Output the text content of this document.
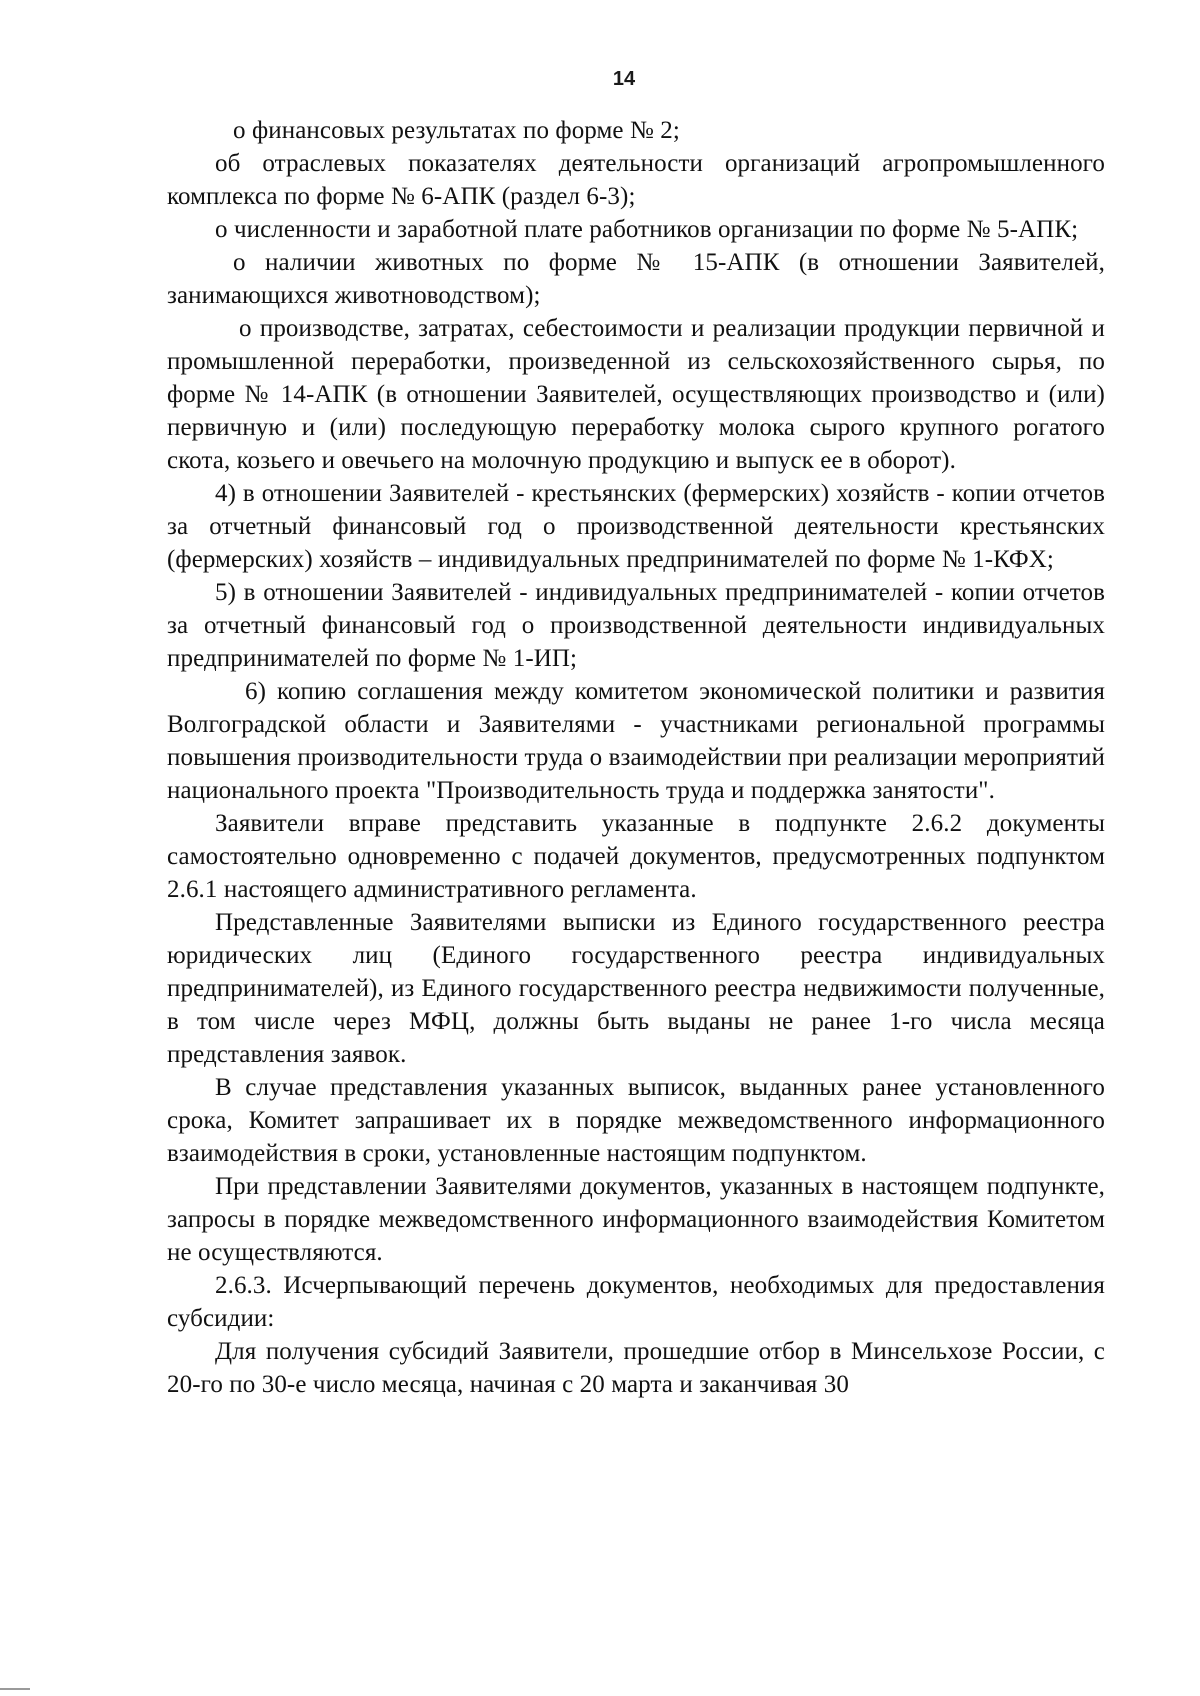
14

о финансовых результатах по форме № 2;

об отраслевых показателях деятельности организаций агропромышленного комплекса по форме № 6-АПК (раздел 6-3);

о численности и заработной плате работников организации по форме № 5-АПК;

о наличии животных по форме № 15-АПК (в отношении Заявителей, занимающихся животноводством);

о производстве, затратах, себестоимости и реализации продукции первичной и промышленной переработки, произведенной из сельскохозяйственного сырья, по форме № 14-АПК (в отношении Заявителей, осуществляющих производство и (или) первичную и (или) последующую переработку молока сырого крупного рогатого скота, козьего и овечьего на молочную продукцию и выпуск ее в оборот).

4) в отношении Заявителей - крестьянских (фермерских) хозяйств - копии отчетов за отчетный финансовый год о производственной деятельности крестьянских (фермерских) хозяйств – индивидуальных предпринимателей по форме № 1-КФХ;

5) в отношении Заявителей - индивидуальных предпринимателей - копии отчетов за отчетный финансовый год о производственной деятельности индивидуальных предпринимателей по форме № 1-ИП;

6) копию соглашения между комитетом экономической политики и развития Волгоградской области и Заявителями - участниками региональной программы повышения производительности труда о взаимодействии при реализации мероприятий национального проекта "Производительность труда и поддержка занятости".

Заявители вправе представить указанные в подпункте 2.6.2 документы самостоятельно одновременно с подачей документов, предусмотренных подпунктом 2.6.1 настоящего административного регламента.

Представленные Заявителями выписки из Единого государственного реестра юридических лиц (Единого государственного реестра индивидуальных предпринимателей), из Единого государственного реестра недвижимости полученные, в том числе через МФЦ, должны быть выданы не ранее 1-го числа месяца представления заявок.

В случае представления указанных выписок, выданных ранее установленного срока, Комитет запрашивает их в порядке межведомственного информационного взаимодействия в сроки, установленные настоящим подпунктом.

При представлении Заявителями документов, указанных в настоящем подпункте, запросы в порядке межведомственного информационного взаимодействия Комитетом не осуществляются.

2.6.3. Исчерпывающий перечень документов, необходимых для предоставления субсидии:

Для получения субсидий Заявители, прошедшие отбор в Минсельхозе России, с 20-го по 30-е число месяца, начиная с 20 марта и заканчивая 30
